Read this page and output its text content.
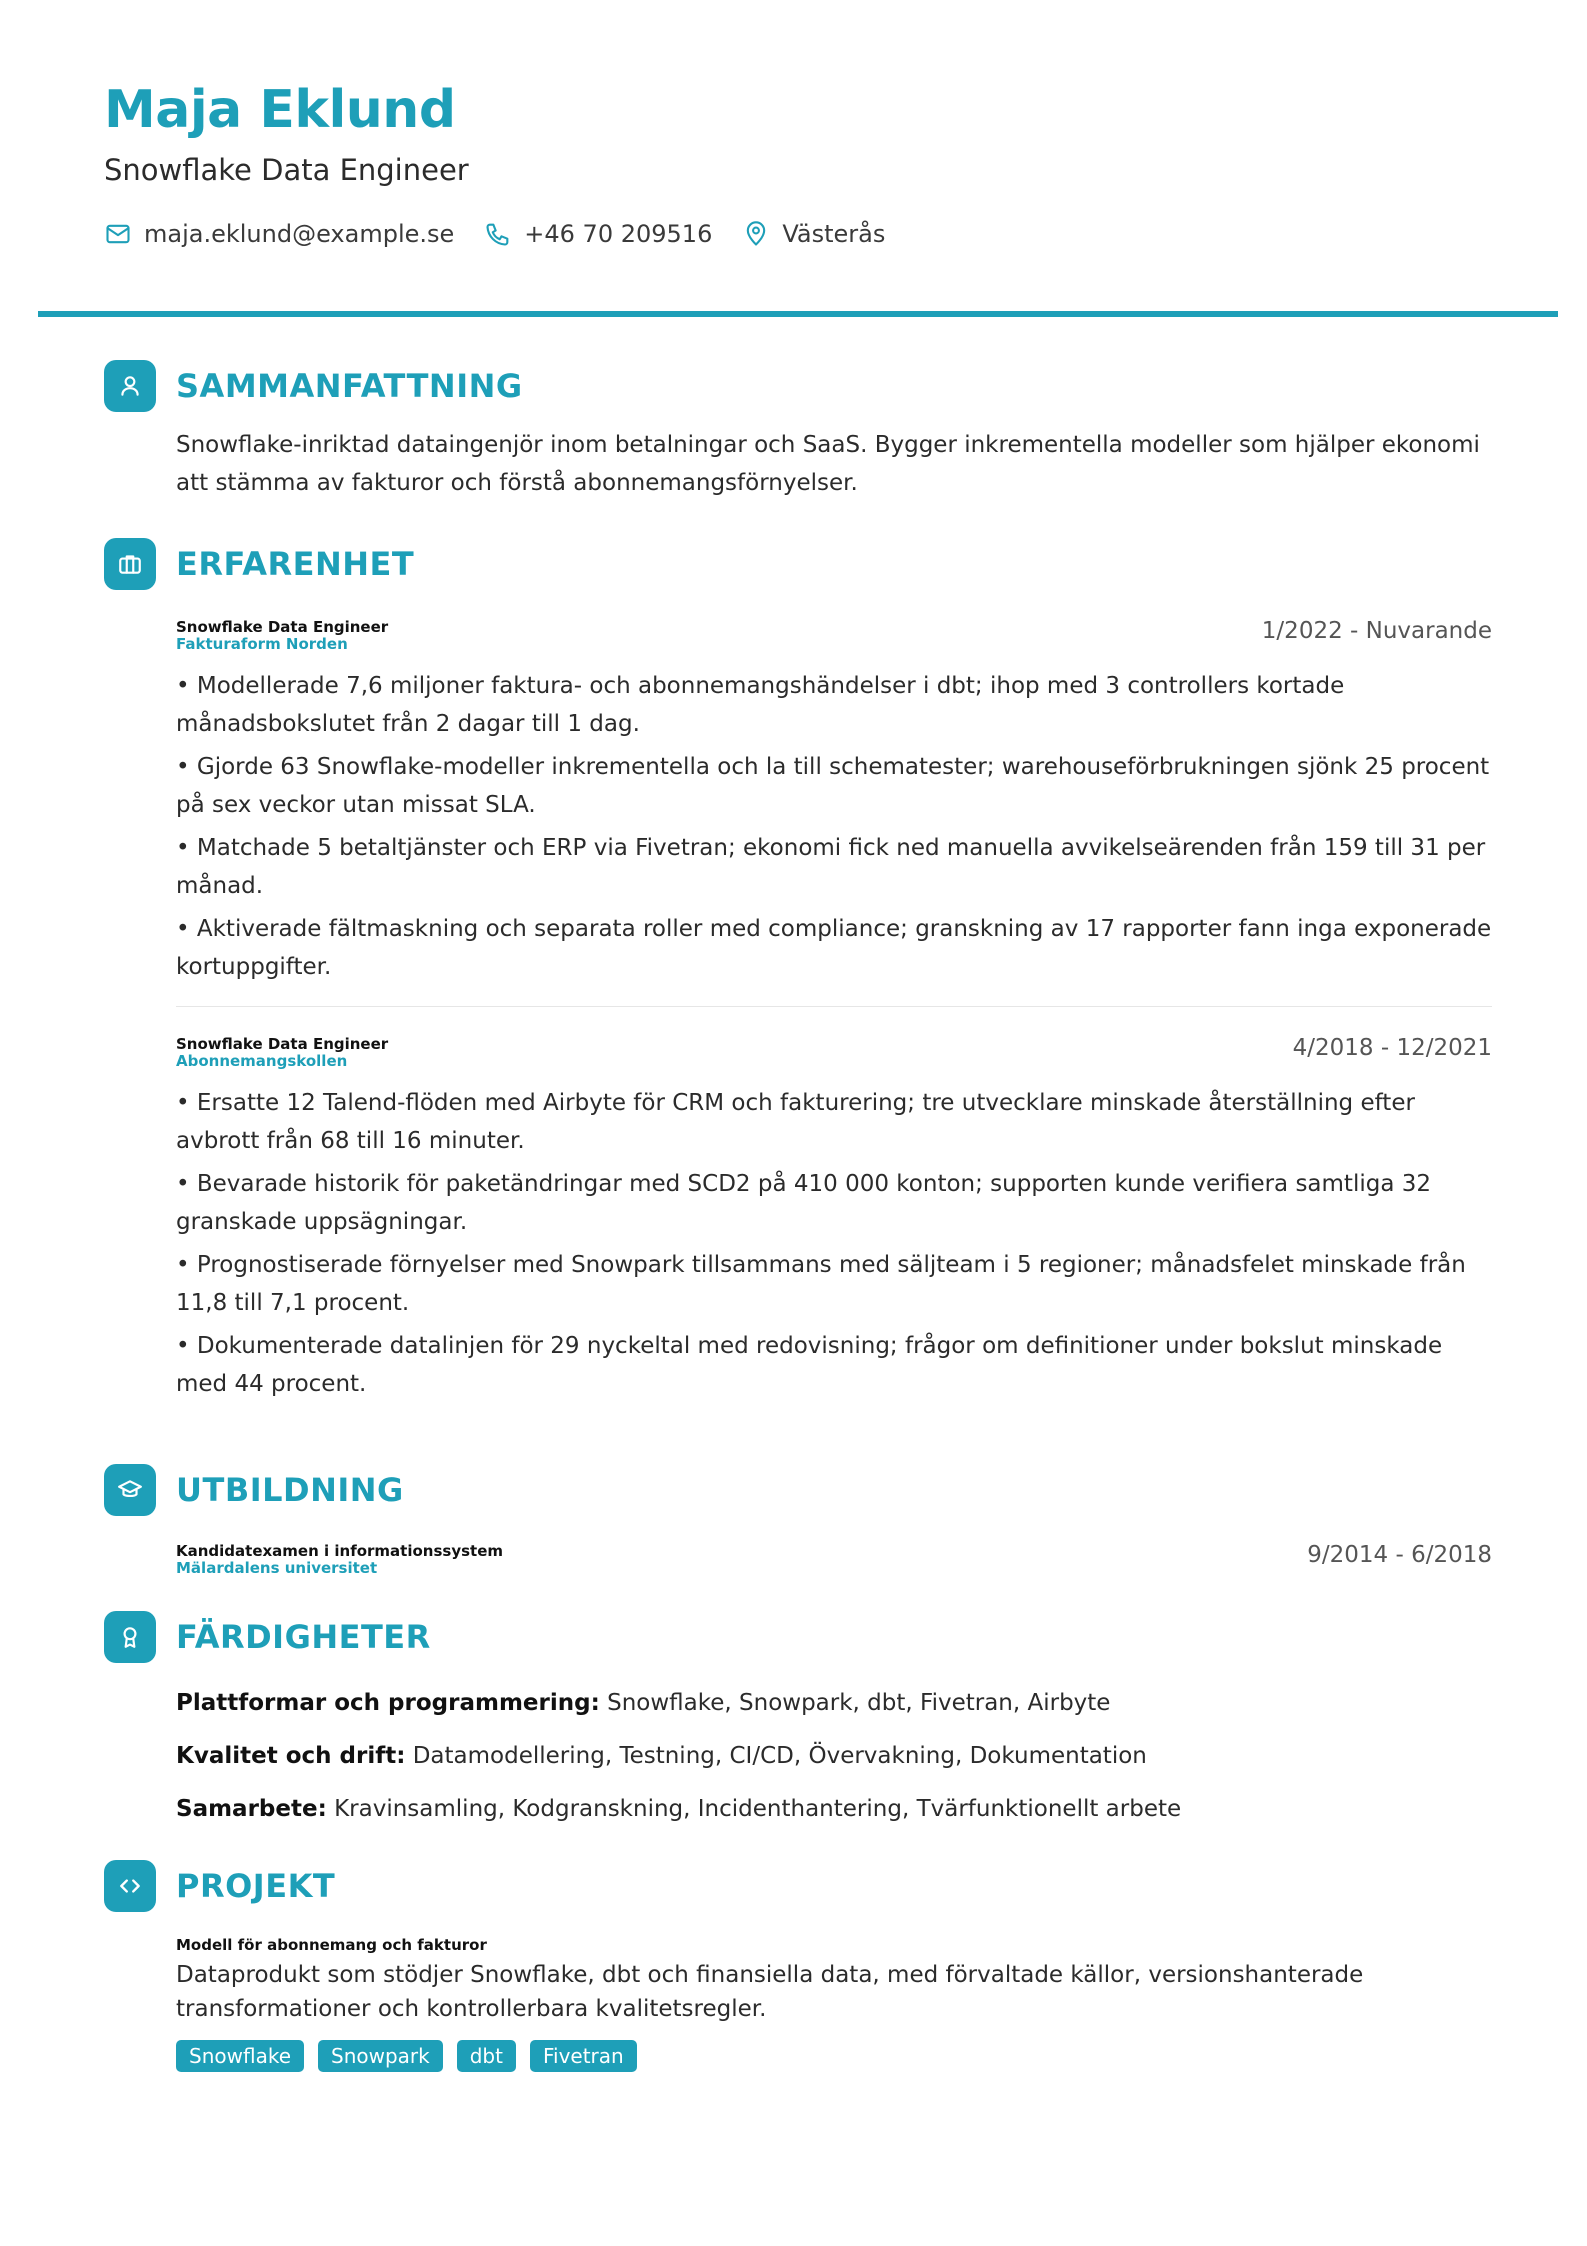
Maja Eklund
Snowflake Data Engineer
maja.eklund@example.se	+46 70 209516	Västerås
SAMMANFATTNING
Snowflake-inriktad dataingenjör inom betalningar och SaaS. Bygger inkrementella modeller som hjälper ekonomi att stämma av fakturor och förstå abonnemangsförnyelser.
ERFARENHET
Snowflake Data Engineer
Fakturaform Norden	1/2022 - Nuvarande
• Modellerade 7,6 miljoner faktura- och abonnemangshändelser i dbt; ihop med 3 controllers kortade månadsbokslutet från 2 dagar till 1 dag.
• Gjorde 63 Snowflake-modeller inkrementella och la till schematester; warehouseförbrukningen sjönk 25 procent på sex veckor utan missat SLA.
• Matchade 5 betaltjänster och ERP via Fivetran; ekonomi fick ned manuella avvikelseärenden från 159 till 31 per månad.
• Aktiverade fältmaskning och separata roller med compliance; granskning av 17 rapporter fann inga exponerade kortuppgifter.
Snowflake Data Engineer
Abonnemangskollen	4/2018 - 12/2021
• Ersatte 12 Talend-flöden med Airbyte för CRM och fakturering; tre utvecklare minskade återställning efter avbrott från 68 till 16 minuter.
• Bevarade historik för paketändringar med SCD2 på 410 000 konton; supporten kunde verifiera samtliga 32 granskade uppsägningar.
• Prognostiserade förnyelser med Snowpark tillsammans med säljteam i 5 regioner; månadsfelet minskade från 11,8 till 7,1 procent.
• Dokumenterade datalinjen för 29 nyckeltal med redovisning; frågor om definitioner under bokslut minskade med 44 procent.
UTBILDNING
Kandidatexamen i informationssystem
Mälardalens universitet	9/2014 - 6/2018
FÄRDIGHETER
Plattformar och programmering: Snowflake, Snowpark, dbt, Fivetran, Airbyte
Kvalitet och drift: Datamodellering, Testning, CI/CD, Övervakning, Dokumentation
Samarbete: Kravinsamling, Kodgranskning, Incidenthantering, Tvärfunktionellt arbete
PROJEKT
Modell för abonnemang och fakturor
Dataprodukt som stödjer Snowflake, dbt och finansiella data, med förvaltade källor, versionshanterade transformationer och kontrollerbara kvalitetsregler.
Snowflake	Snowpark	dbt	Fivetran
